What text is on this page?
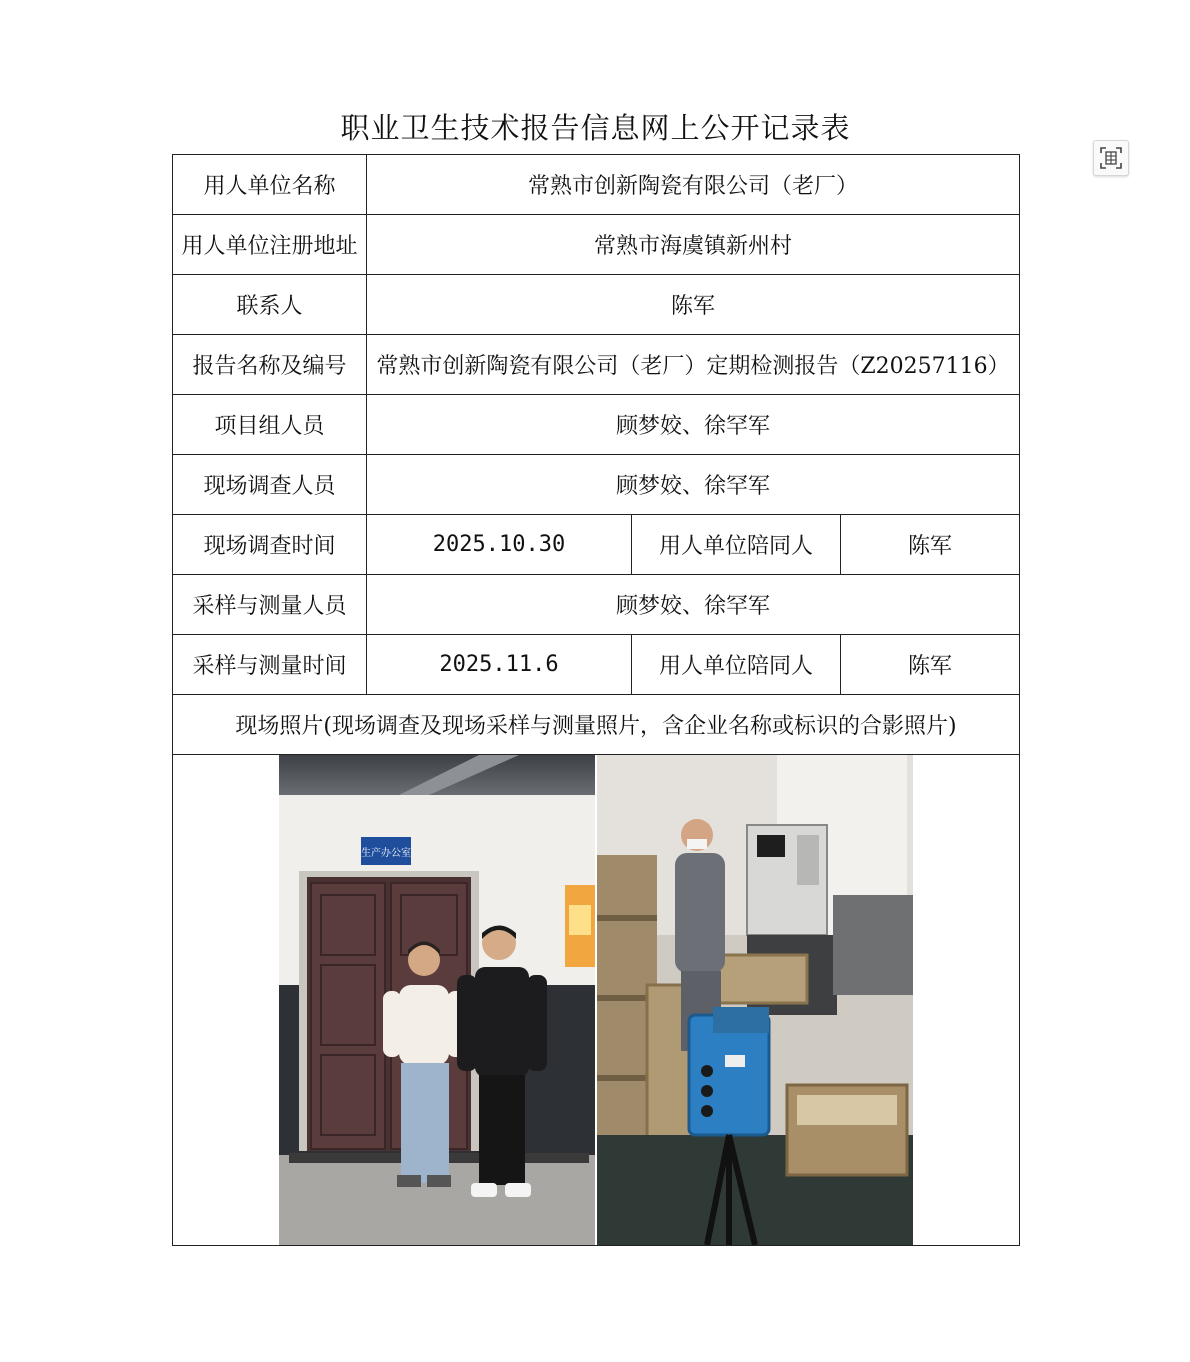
职业卫生技术报告信息网上公开记录表
用人单位名称	常熟市创新陶瓷有限公司（老厂）		
用人单位注册地址	常熟市海虞镇新州村		
联系人	陈军		
报告名称及编号	常熟市创新陶瓷有限公司（老厂）定期检测报告（Z20257116）		
项目组人员	顾梦姣、徐罕军		
现场调查人员	顾梦姣、徐罕军		
现场调查时间	2025.10.30	用人单位陪同人	陈军
采样与测量人员	顾梦姣、徐罕军		
采样与测量时间	2025.11.6	用人单位陪同人	陈军
现场照片(现场调查及现场采样与测量照片，含企业名称或标识的合影照片)			

生产办公室			
